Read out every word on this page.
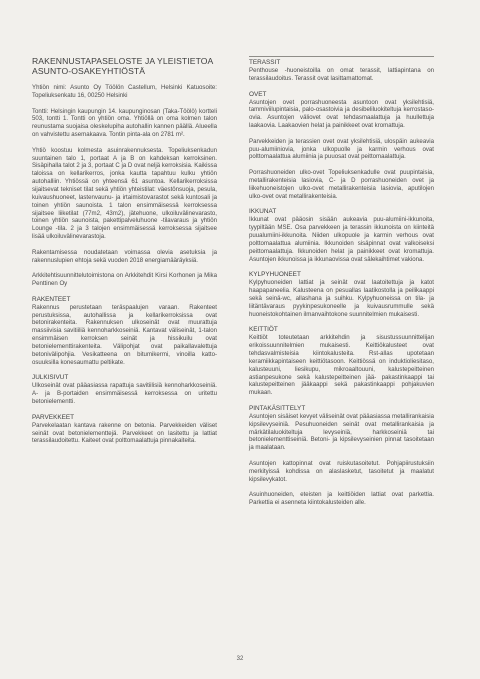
RAKENNUSTAPASELOSTE JA YLEISTIETOA ASUNTO-OSAKEYHTIÖSTÄ

Yhtiön nimi: Asunto Oy Töölön Castellum, Helsinki Katuosoite: Topeliuksenkatu 16, 00250 Helsinki

Tontti: Helsingin kaupungin 14. kaupunginosan (Taka-Töölö) kortteli 503, tontti 1. Tontti on yhtiön oma. Yhtiöllä on oma kolmen talon reunustama suojaisa oleskelupiha autohallin kannen päällä. Alueella on vahvistettu asemakaava. Tontin pinta-ala on 2781 m².

Yhtiö koostuu kolmesta asuinrakennuksesta. Topeliuksenkadun suuntainen talo 1, portaat A ja B on kahdeksan kerroksinen. Sisäpihalla talot 2 ja 3, portaat C ja D ovat neljä kerroksisia. Kaikissa taloissa on kellarikerros, jonka kautta tapahtuu kulku yhtiön autohalliin. Yhtiössä on yhteensä 61 asuntoa. Kellarikerroksissa sijaitsevat tekniset tilat sekä yhtiön yhteistilat: väestönsuoja, pesula, kuivaushuoneet, lastenvaunu- ja irtaimistovarastot sekä kuntosali ja toinen yhtiön saunoista. 1 talon ensimmäisessä kerroksessa sijaitsee liiketilat (77m2, 43m2), jätehuone, ulkoiluvälinevarasto, toinen yhtiön saunoista, pakettipalveluhuone -tilavaraus ja yhtiön Lounge -tila. 2 ja 3 talojen ensimmäisessä kerroksessa sijaitsee lisää ulkoiluvälinevarastoja.

Rakentamisessa noudatetaan voimassa olevia asetuksia ja rakennuslupien ehtoja sekä vuoden 2018 energiamääräyksiä.

Arkkitehtisuunnittelutoimistona on Arkkitehdit Kirsi Korhonen ja Mika Penttinen Oy

RAKENTEET

Rakennus perustetaan teräspaalujen varaan. Rakenteet perustuksissa, autohallissa ja kellarikerroksissa ovat betonirakenteita. Rakennuksen ulkoseinät ovat muurattuja massiivisia savitiiliä kennoharkkoseiniä. Kantavat väliseinät, 1-talon ensimmäisen kerroksen seinät ja hissikuilu ovat betonielementtirakenteita. Välipohjat ovat paikallavalettuja betonivälipohjia. Vesikatteena on bitumikermi, vinoilla katto-osuuksilla konesaumattu peltikate.

JULKISIVUT

Ulkoseinät ovat pääasiassa rapattuja savitiilisiä kennoharkkoseiniä. A- ja B-portaiden ensimmäisessä kerroksessa on uritettu betonielementti.

PARVEKKEET

Parvekelaatan kantava rakenne on betonia. Parvekkeiden väliset seinät ovat betonielementtejä. Parvekkeet on lasitettu ja lattiat terassilaudoitettu. Kaiteet ovat polttomaalattuja pinnakaiteita.

TERASSIT

Penthouse -huoneistoilla on omat terassit, lattiapintana on terassilaudoitus. Terassit ovat lasittamattomat.

OVET

Asuntojen ovet porrashuoneesta asuntoon ovat yksilehtisiä, tammiviilupintaisia, palo-osastoivia ja desibeliluokiteltuja kerrostaso-ovia. Asuntojen väliovet ovat tehdasmaalattuja ja huullettuja laakaovia. Laakaovien helat ja painikkeet ovat kromattuja.

Parvekkeiden ja terassien ovet ovat yksilehtisiä, ulospäin aukeavia puu-alumiiniovia, jonka ulkopuolle ja karmin verhous ovat polttomaalattua alumiinia ja puuosat ovat peittomaalattuja.

Porrashuoneiden ulko-ovet Topeliuksenkadulle ovat puupintaisia, metallirakenteisia lasiovia, C- ja D porrashuoneiden ovet ja liikehuoneistojen ulko-ovet metallirakenteisia lasiovia, aputilojen ulko-ovet ovat metallirakenteisia.

IKKUNAT

Ikkunat ovat pääosin sisään aukeavia puu-alumiini-ikkunoita, tyypiltään MSE. Osa parvekkeen ja terassin ikkunoista on kiinteitä puualumiini-ikkunoita. Niiden ulkopuole ja karmin verhous ovat polttomaalattua alumiinia. Ikkunoiden sisäpinnat ovat valkoiseksi peittomaalattuja. Ikkunoiden helat ja painikkeet ovat kromattuja. Asuntojen ikkunoissa ja ikkunaovissa ovat sälekaihtimet vakiona.

KYLPYHUONEET

Kylpyhuoneiden lattiat ja seinät ovat laatoitettuja ja katot haapapaneelia. Kalusteena on pesuallas laatikostolla ja peilikaappi sekä seinä-wc, allashana ja suihku. Kylpyhuoneissa on tila- ja liitäntävaraus pyykinpesukoneelle ja kuivausrummulle sekä huoneistokohtainen ilmanvaihtokone suunnitelmien mukaisesti.

KEITTIÖT

Keittiöt toteutetaan arkkitehdin ja sisustussuunnittelijan erikoissuunnitelmien mukaisesti. Keittiökalusteet ovat tehdasvalmisteisia kiintokalusteita. Rst-allas upotetaan keramiikkapintaiseen keittiötasoon. Keittiössä on induktioliesitaso, kalusteuuni, liesikupu, mikroaaltouuni, kalustepeitteinen astianpesukone sekä kalustepeitteinen jää- pakastinkaappi tai kalustepeitteinen jääkaappi sekä pakastinkaappi pohjakuvien mukaan.

PINTAKÄSITTELYT

Asuntojen sisäiset kevyet väliseinät ovat pääasiassa metallirankaisia kipsilevyseiniä. Pesuhuoneiden seinät ovat metallirankaisia ja märkätilaluokiteltuja levyseiniä, harkkoseiniä tai betonielementtiseiniä. Betoni- ja kipsilevyseinien pinnat tasoitetaan ja maalataan.

Asuntojen kattopinnat ovat ruiskutasoitetut. Pohjapiirustuksiin merkityissä kohdissa on alaslasketut, tasoitetut ja maalatut kipsilevykatot.

Asuinhuoneiden, eteisten ja keittiöiden lattiat ovat parkettia. Parkettia ei asenneta kiintokalusteiden alle.

32
